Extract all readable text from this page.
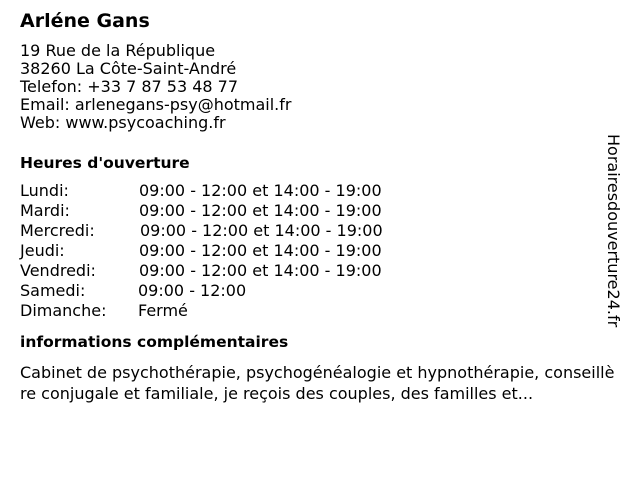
Arléne Gans
19 Rue de la République
38260 La Côte-Saint-André
Telefon: +33 7 87 53 48 77
Email: arlenegans-psy@hotmail.fr
Web: www.psycoaching.fr
Heures d'ouverture
Lundi:	09:00 - 12:00 et 14:00 - 19:00
Mardi:	09:00 - 12:00 et 14:00 - 19:00
Mercredi:	09:00 - 12:00 et 14:00 - 19:00
Jeudi:	09:00 - 12:00 et 14:00 - 19:00
Vendredi:	09:00 - 12:00 et 14:00 - 19:00
Samedi:	09:00 - 12:00
Dimanche: Fermé
informations complémentaires
Cabinet de psychothérapie, psychogénéalogie et hypnothérapie, conseillère conjugale et familiale, je reçois des couples, des familles et...
Horairesdouverture24.fr
